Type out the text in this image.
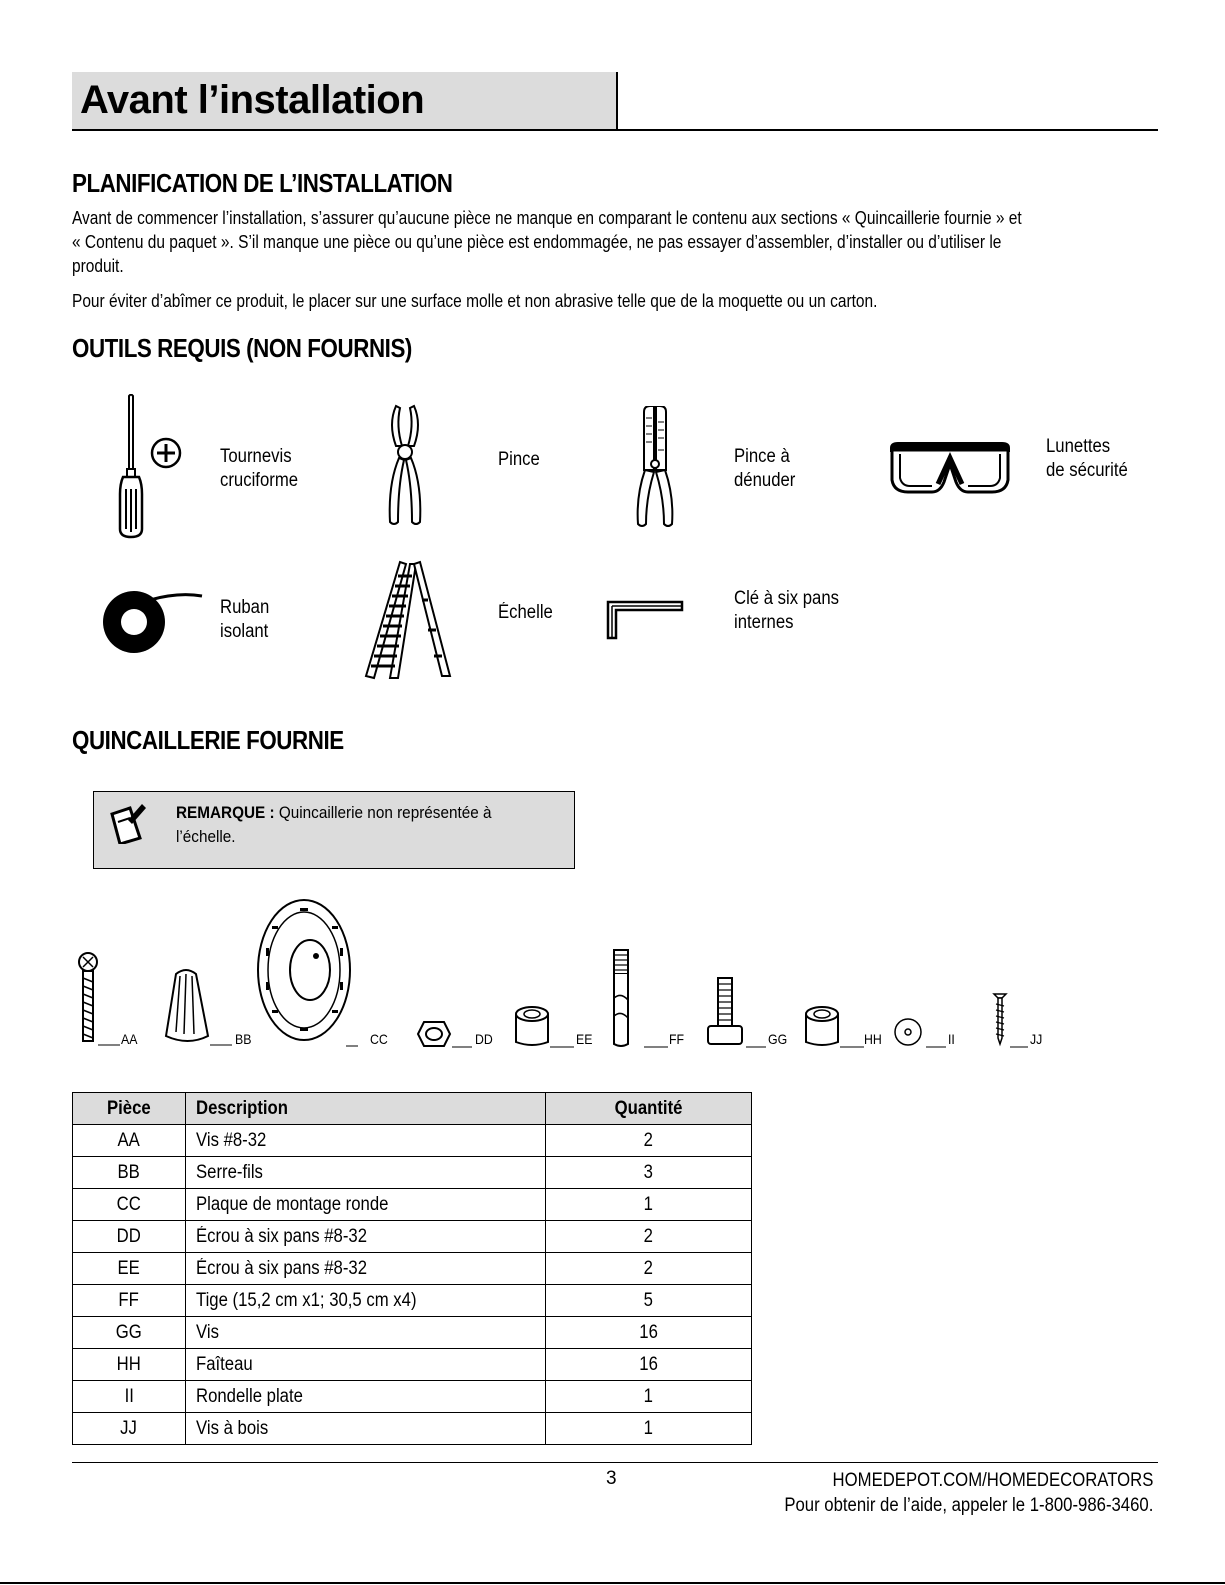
Avant l’installation
PLANIFICATION DE L’INSTALLATION
Avant de commencer l’installation, s’assurer qu’aucune pièce ne manque en comparant le contenu aux sections « Quincaillerie fournie » et
« Contenu du paquet ». S’il manque une pièce ou qu’une pièce est endommagée, ne pas essayer d’assembler, d’installer ou d’utiliser le
produit.
Pour éviter d’abîmer ce produit, le placer sur une surface molle et non abrasive telle que de la moquette ou un carton.
OUTILS REQUIS (NON FOURNIS)
Tournevis
cruciforme
Pince	Pince à
dénuder
Lunettes
de sécurité
Ruban
isolant
Échelle
Clé à six pans
internes
QUINCAILLERIE FOURNIE
REMARQUE : Quincaillerie non représentée à
l’échelle.
AA	BB	CC	DD	EE	FF	GG	HH	II	JJ
Pièce	Description	Quantité
AA	Vis #8-32	2
BB	Serre-fils	3
CC	Plaque de montage ronde	1
DD	Écrou à six pans #8-32	2
EE	Écrou à six pans #8-32	2
FF	Tige (15,2 cm x1; 30,5 cm x4)	5
GG	Vis	16
HH	Faîteau	16
II	Rondelle plate	1
JJ	Vis à bois	1
3	HOMEDEPOT.COM/HOMEDECORATORS
Pour obtenir de l’aide, appeler le 1-800-986-3460.
